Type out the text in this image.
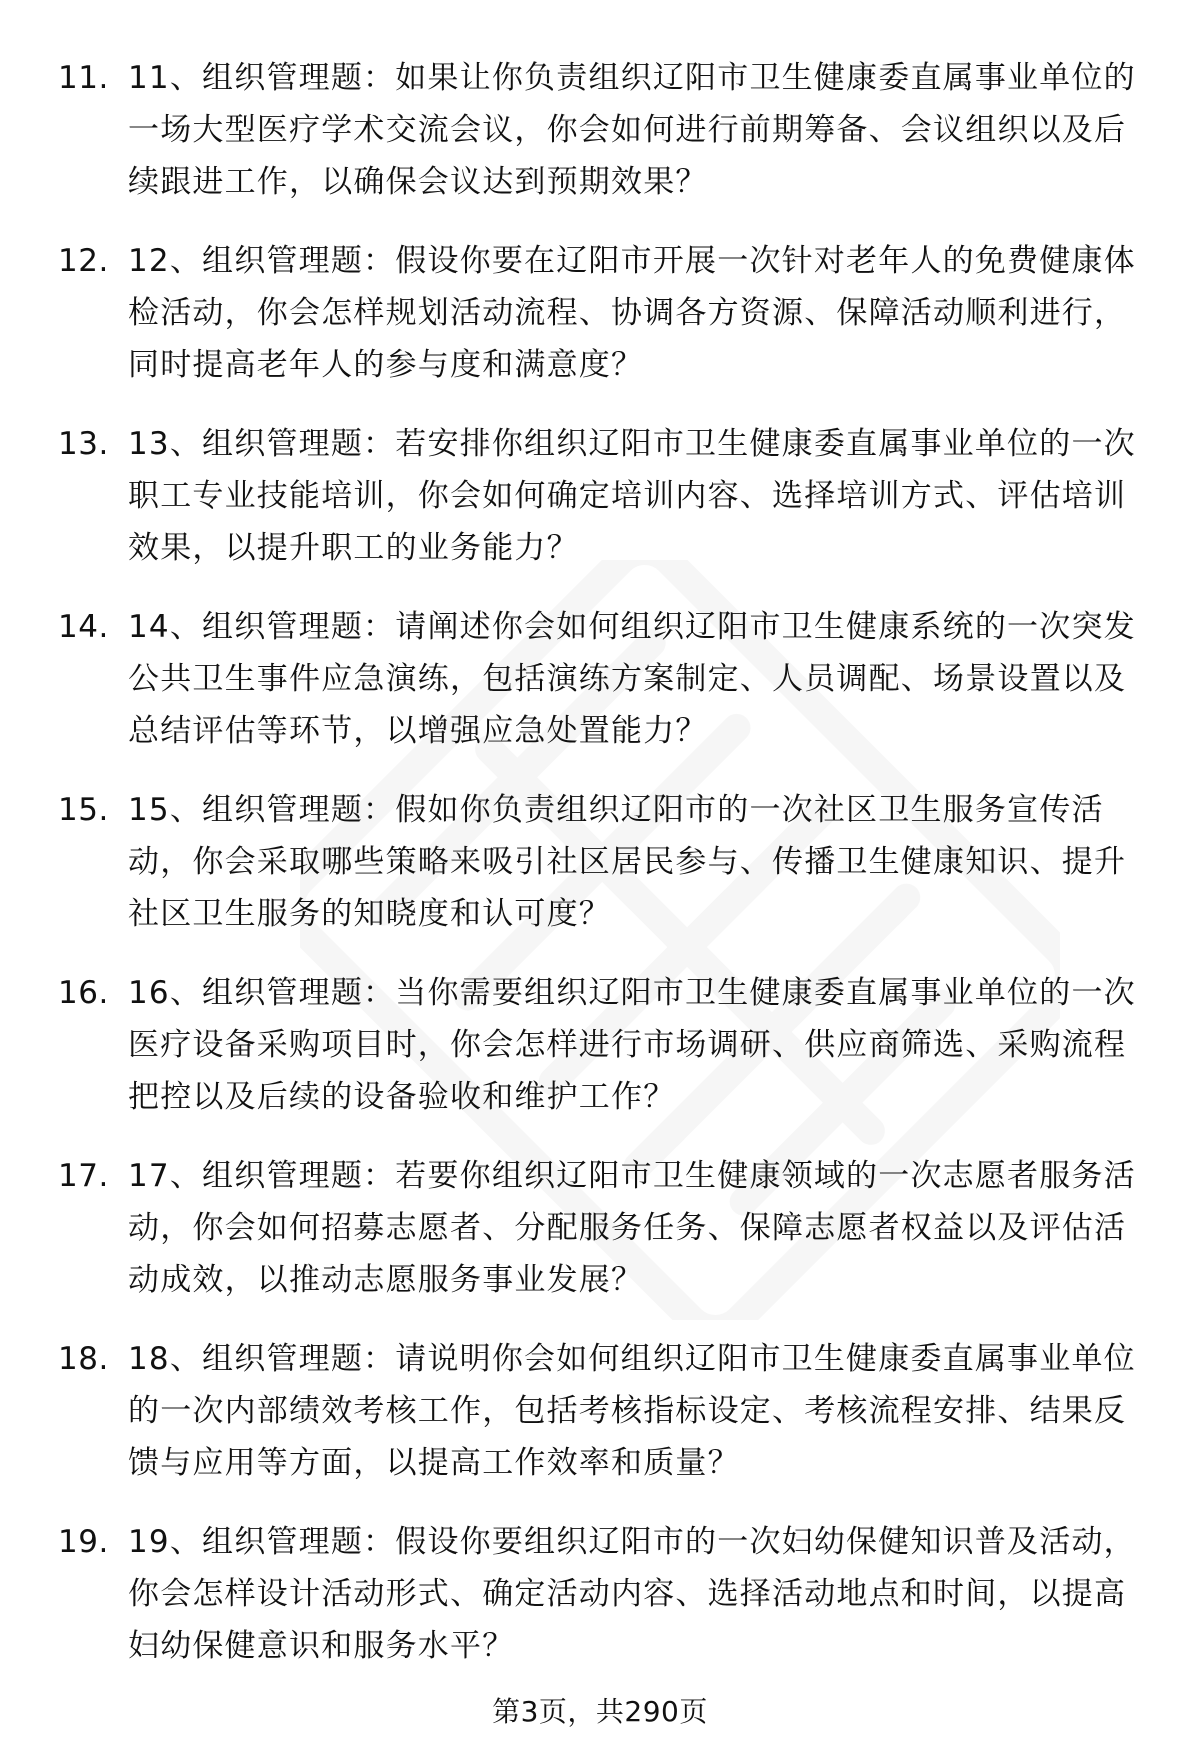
11. 11、组织管理题：如果让你负责组织辽阳市卫生健康委直属事业单位的一场大型医疗学术交流会议，你会如何进行前期筹备、会议组织以及后续跟进工作，以确保会议达到预期效果？
12. 12、组织管理题：假设你要在辽阳市开展一次针对老年人的免费健康体检活动，你会怎样规划活动流程、协调各方资源、保障活动顺利进行，同时提高老年人的参与度和满意度？
13. 13、组织管理题：若安排你组织辽阳市卫生健康委直属事业单位的一次职工专业技能培训，你会如何确定培训内容、选择培训方式、评估培训效果，以提升职工的业务能力？
14. 14、组织管理题：请阐述你会如何组织辽阳市卫生健康系统的一次突发公共卫生事件应急演练，包括演练方案制定、人员调配、场景设置以及总结评估等环节，以增强应急处置能力？
15. 15、组织管理题：假如你负责组织辽阳市的一次社区卫生服务宣传活动，你会采取哪些策略来吸引社区居民参与、传播卫生健康知识、提升社区卫生服务的知晓度和认可度？
16. 16、组织管理题：当你需要组织辽阳市卫生健康委直属事业单位的一次医疗设备采购项目时，你会怎样进行市场调研、供应商筛选、采购流程把控以及后续的设备验收和维护工作？
17. 17、组织管理题：若要你组织辽阳市卫生健康领域的一次志愿者服务活动，你会如何招募志愿者、分配服务任务、保障志愿者权益以及评估活动成效，以推动志愿服务事业发展？
18. 18、组织管理题：请说明你会如何组织辽阳市卫生健康委直属事业单位的一次内部绩效考核工作，包括考核指标设定、考核流程安排、结果反馈与应用等方面，以提高工作效率和质量？
19. 19、组织管理题：假设你要组织辽阳市的一次妇幼保健知识普及活动，你会怎样设计活动形式、确定活动内容、选择活动地点和时间，以提高妇幼保健意识和服务水平？
第3页，共290页
